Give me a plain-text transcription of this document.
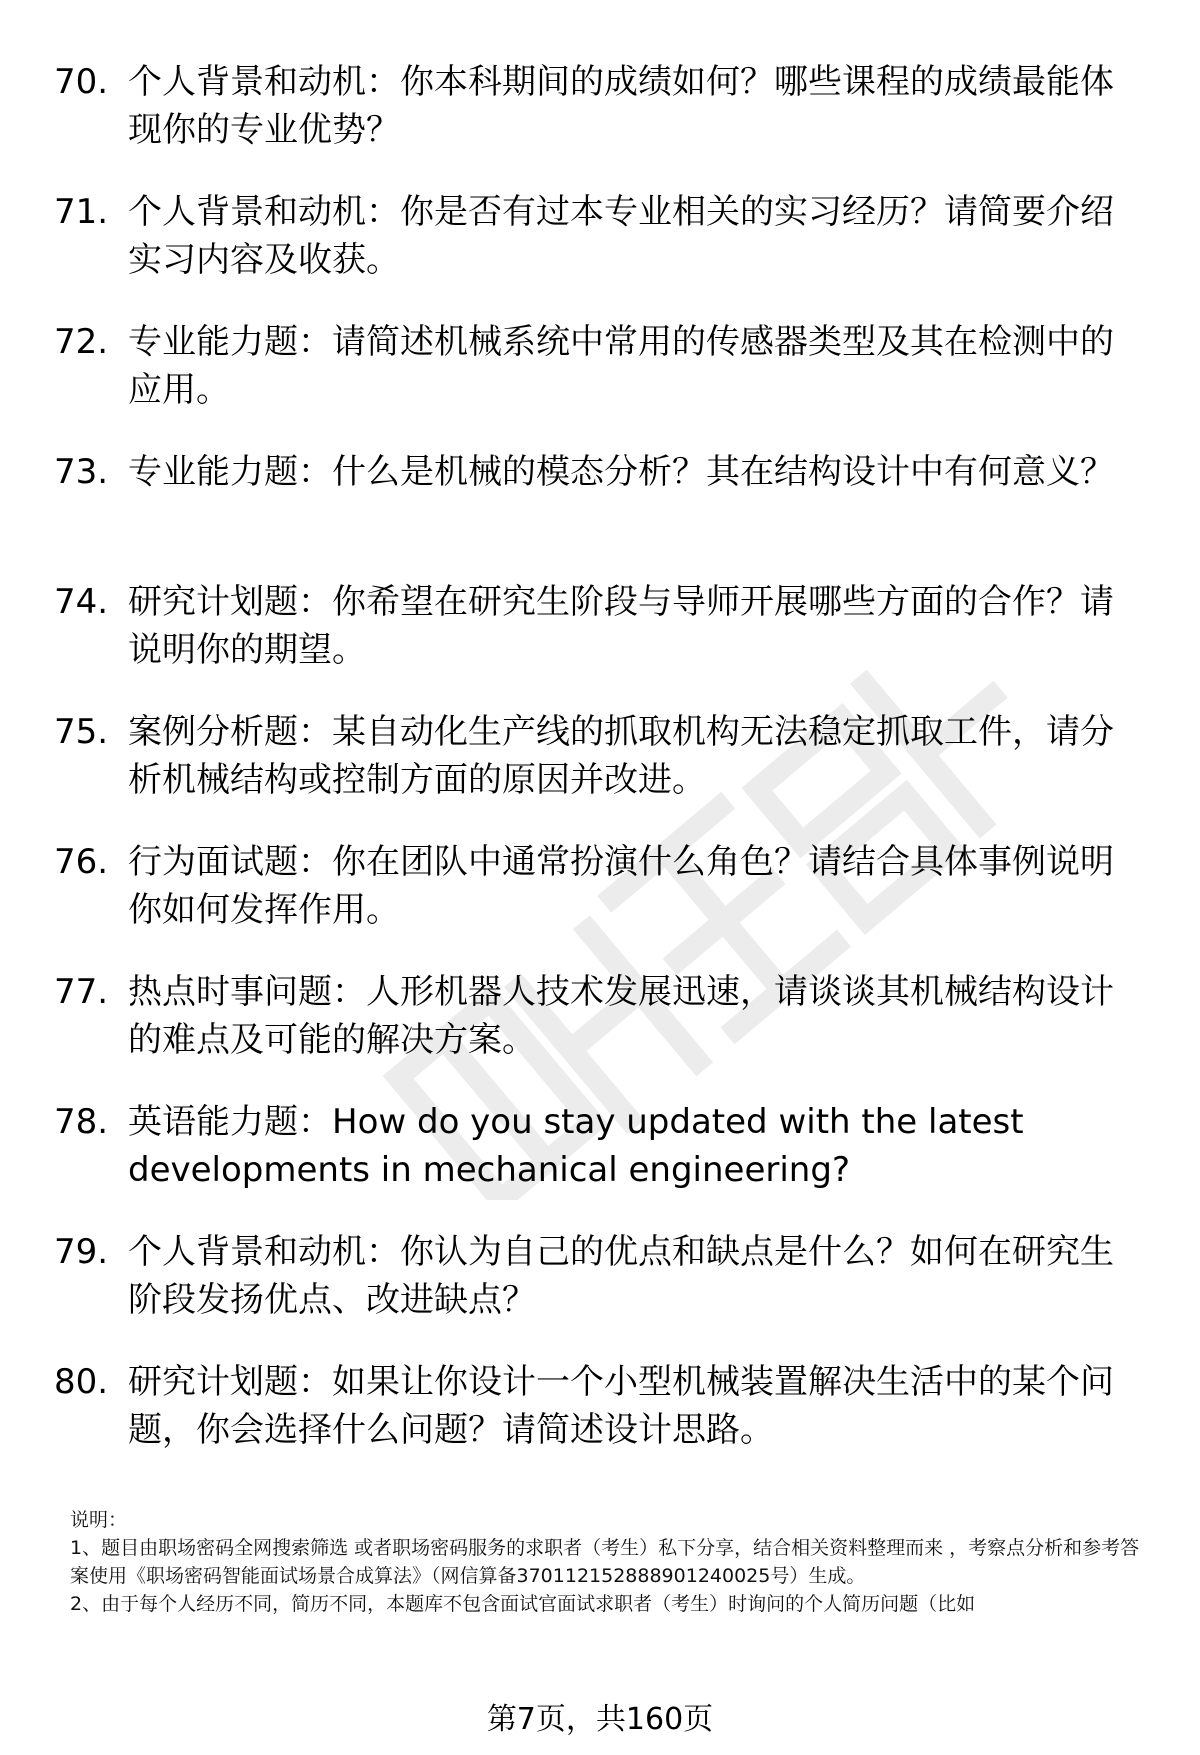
70. 个人背景和动机：你本科期间的成绩如何？哪些课程的成绩最能体现你的专业优势？

71. 个人背景和动机：你是否有过本专业相关的实习经历？请简要介绍实习内容及收获。

72. 专业能力题：请简述机械系统中常用的传感器类型及其在检测中的应用。

73. 专业能力题：什么是机械的模态分析？其在结构设计中有何意义？

74. 研究计划题：你希望在研究生阶段与导师开展哪些方面的合作？请说明你的期望。

75. 案例分析题：某自动化生产线的抓取机构无法稳定抓取工件，请分析机械结构或控制方面的原因并改进。

76. 行为面试题：你在团队中通常扮演什么角色？请结合具体事例说明你如何发挥作用。

77. 热点时事问题：人形机器人技术发展迅速，请谈谈其机械结构设计的难点及可能的解决方案。

78. 英语能力题：How do you stay updated with the latest developments in mechanical engineering?

79. 个人背景和动机：你认为自己的优点和缺点是什么？如何在研究生阶段发扬优点、改进缺点？

80. 研究计划题：如果让你设计一个小型机械装置解决生活中的某个问题，你会选择什么问题？请简述设计思路。

说明：

1、题目由职场密码全网搜索筛选 或者职场密码服务的求职者（考生）私下分享，结合相关资料整理而来 ，考察点分析和参考答案使用《职场密码智能面试场景合成算法》（网信算备370112152888901240025号）生成。

2、由于每个人经历不同，简历不同，本题库不包含面试官面试求职者（考生）时询问的个人简历问题（比如

第7页，共160页
